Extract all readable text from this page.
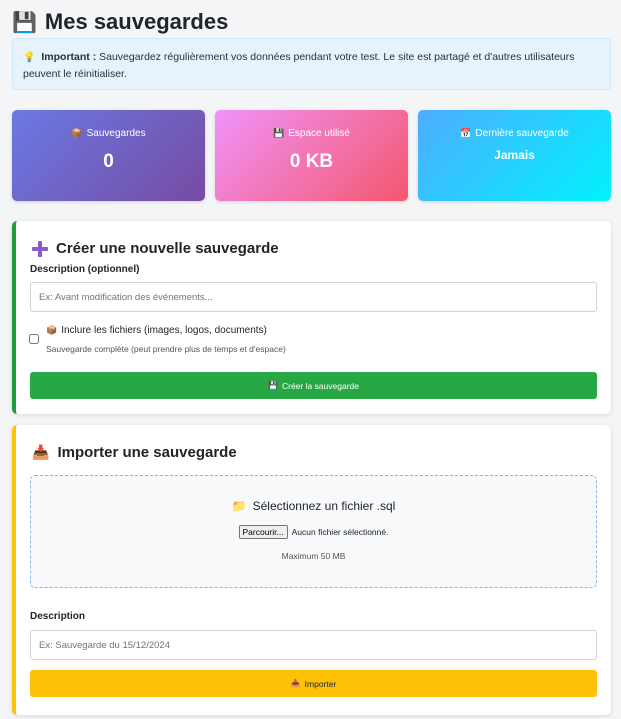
💾 Mes sauvegardes
💡 Important : Sauvegardez régulièrement vos données pendant votre test. Le site est partagé et d'autres utilisateurs peuvent le réinitialiser.
📦 Sauvegardes
0
💾 Espace utilisé
0 KB
📅 Dernière sauvegarde
Jamais
Créer une nouvelle sauvegarde
Description (optionnel)
Ex: Avant modification des événements...
📦 Inclure les fichiers (images, logos, documents)
Sauvegarde complète (peut prendre plus de temps et d'espace)
💾 Créer la sauvegarde
📥 Importer une sauvegarde
📁 Sélectionnez un fichier .sql
Parcourir... Aucun fichier sélectionné.
Maximum 50 MB
Description
Ex: Sauvegarde du 15/12/2024
📥 Importer
